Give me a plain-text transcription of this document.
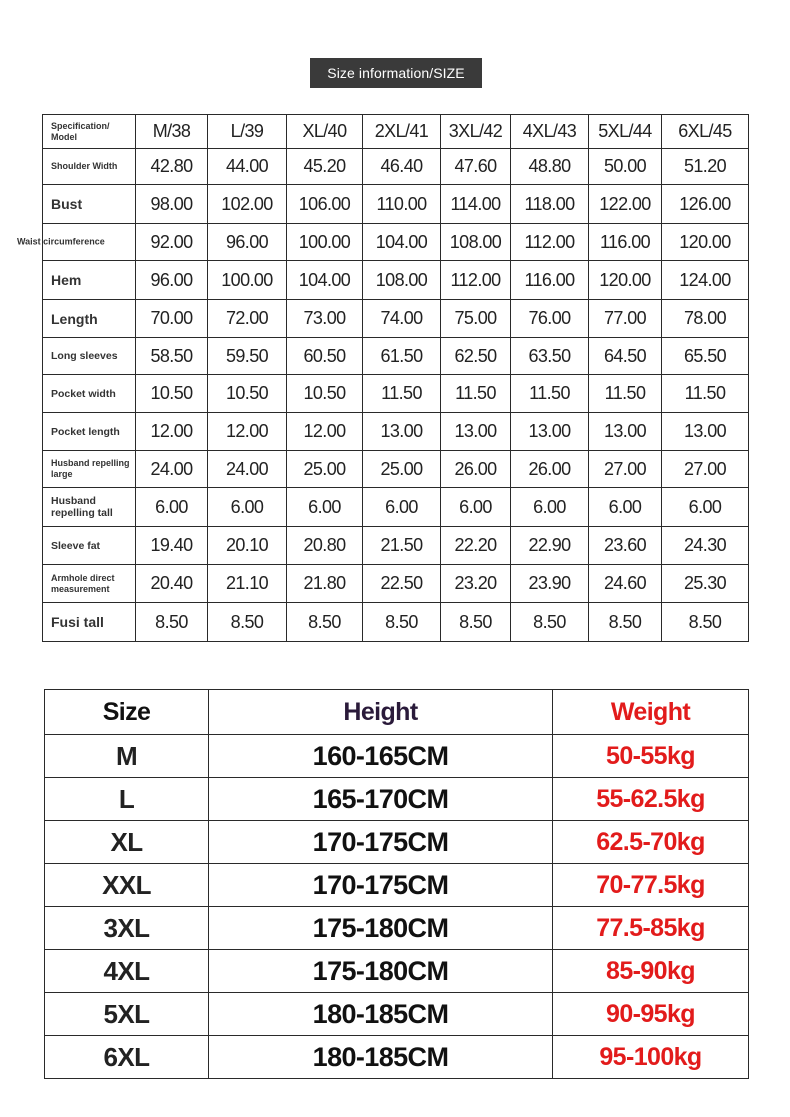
Size information/SIZE
Specification/ Model	M/38	L/39	XL/40	2XL/41	3XL/42	4XL/43	5XL/44	6XL/45
Shoulder Width	42.80	44.00	45.20	46.40	47.60	48.80	50.00	51.20
Bust	98.00	102.00	106.00	110.00	114.00	118.00	122.00	126.00

Waist circumference	92.00	96.00	100.00	104.00	108.00	112.00	116.00	120.00
Hem	96.00	100.00	104.00	108.00	112.00	116.00	120.00	124.00
Length	70.00	72.00	73.00	74.00	75.00	76.00	77.00	78.00
Long sleeves	58.50	59.50	60.50	61.50	62.50	63.50	64.50	65.50
Pocket width	10.50	10.50	10.50	11.50	11.50	11.50	11.50	11.50
Pocket length	12.00	12.00	12.00	13.00	13.00	13.00	13.00	13.00
Husband repelling large	24.00	24.00	25.00	25.00	26.00	26.00	27.00	27.00
Husband repelling tall	6.00	6.00	6.00	6.00	6.00	6.00	6.00	6.00
Sleeve fat	19.40	20.10	20.80	21.50	22.20	22.90	23.60	24.30
Armhole direct measurement	20.40	21.10	21.80	22.50	23.20	23.90	24.60	25.30
Fusi tall	8.50	8.50	8.50	8.50	8.50	8.50	8.50	8.50
Size	Height	Weight
M	160-165CM	50-55kg
L	165-170CM	55-62.5kg
XL	170-175CM	62.5-70kg
XXL	170-175CM	70-77.5kg
3XL	175-180CM	77.5-85kg
4XL	175-180CM	85-90kg
5XL	180-185CM	90-95kg
6XL	180-185CM	95-100kg
